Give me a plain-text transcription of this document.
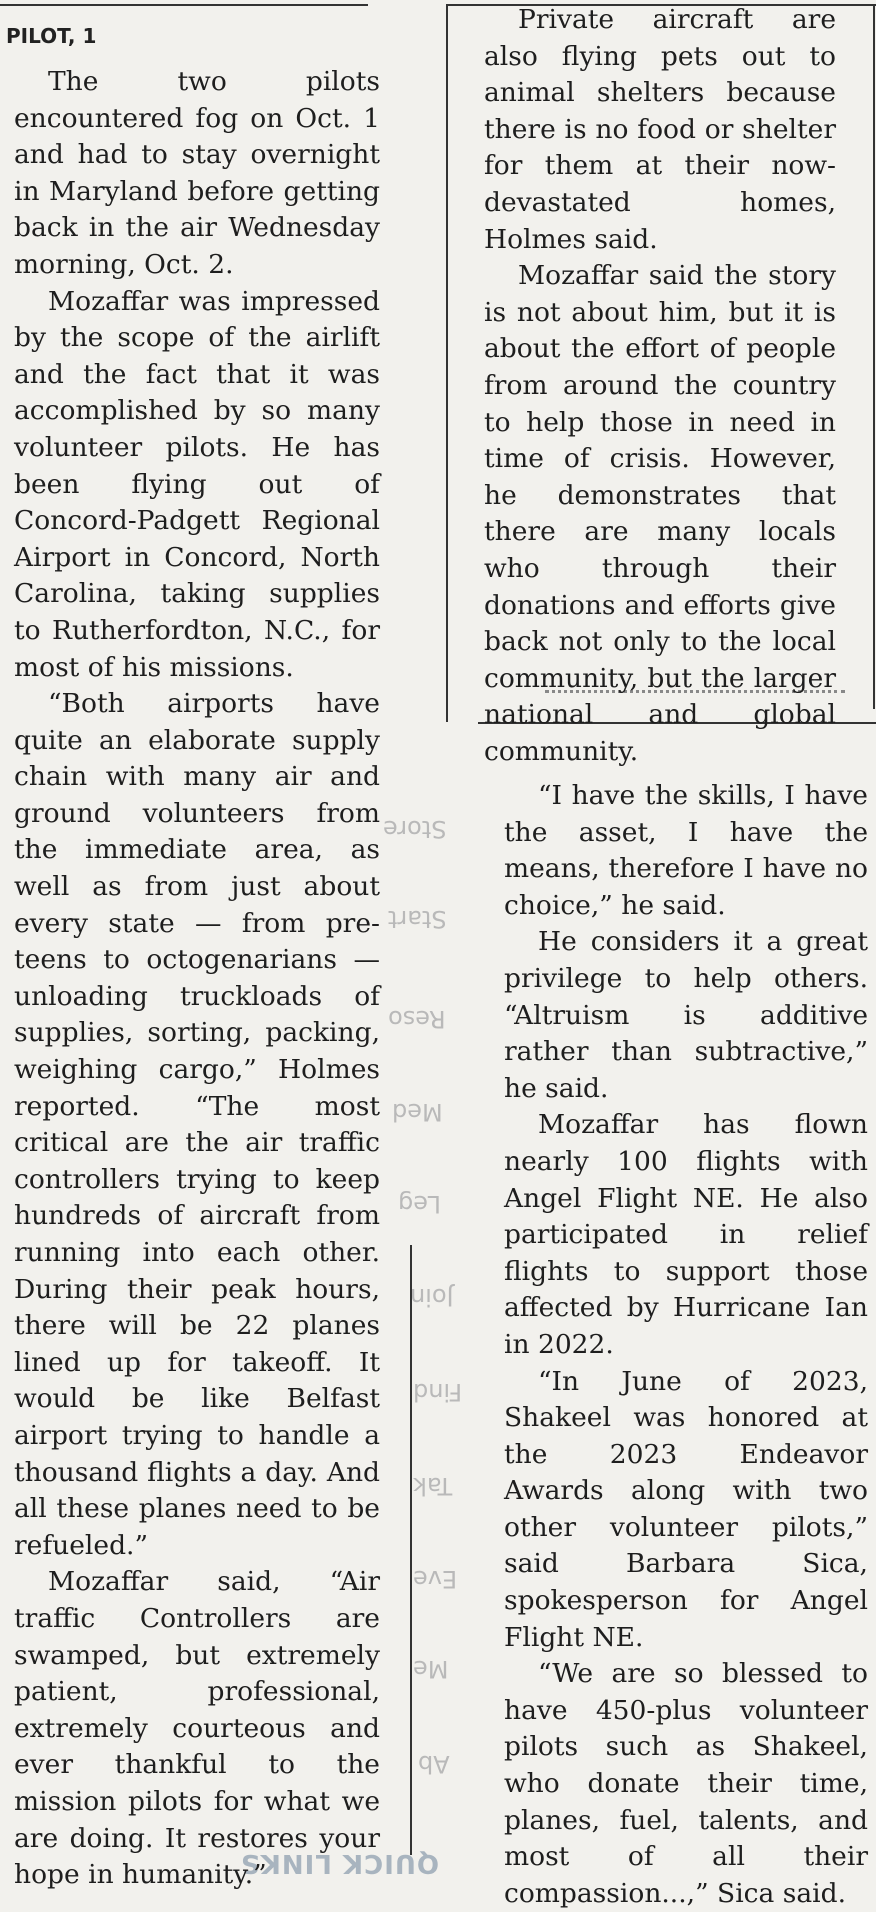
Store
Start
Reso
Med
Leg
Join
Find
Tak
Eve
Me
Ab
QUICK LINKS
PILOT, 1

The two pilots encountered fog on Oct. 1 and had to stay overnight in Maryland before getting back in the air Wednesday morning, Oct. 2.

Mozaffar was impressed by the scope of the airlift and the fact that it was accomplished by so many volunteer pilots. He has been flying out of Concord-Padgett Regional Airport in Concord, North Carolina, taking supplies to Rutherfordton, N.C., for most of his missions.

“Both airports have quite an elaborate supply chain with many air and ground volunteers from the immediate area, as well as from just about every state — from pre-teens to octogenarians — unloading truckloads of supplies, sorting, packing, weighing cargo,” Holmes reported. “The most critical are the air traffic controllers trying to keep hundreds of aircraft from running into each other. During their peak hours, there will be 22 planes lined up for takeoff. It would be like Belfast airport trying to handle a thousand flights a day. And all these planes need to be refueled.”

Mozaffar said, “Air traffic Controllers are swamped, but extremely patient, professional, extremely courteous and ever thankful to the mission pilots for what we are doing. It restores your hope in humanity.”

Private aircraft are also flying pets out to animal shelters because there is no food or shelter for them at their now-devastated homes, Holmes said.

Mozaffar said the story is not about him, but it is about the effort of people from around the country to help those in need in time of crisis. However, he demonstrates that there are many locals who through their donations and efforts give back not only to the local community, but the larger national and global community.

“I have the skills, I have the asset, I have the means, therefore I have no choice,” he said.

He considers it a great privilege to help others. “Altruism is additive rather than subtractive,” he said.

Mozaffar has flown nearly 100 flights with Angel Flight NE. He also participated in relief flights to support those affected by Hurricane Ian in 2022.

“In June of 2023, Shakeel was honored at the 2023 Endeavor Awards along with two other volunteer pilots,” said Barbara Sica, spokesperson for Angel Flight NE.

“We are so blessed to have 450-plus volunteer pilots such as Shakeel, who donate their time, planes, fuel, talents, and most of all their compassion...,” Sica said.
